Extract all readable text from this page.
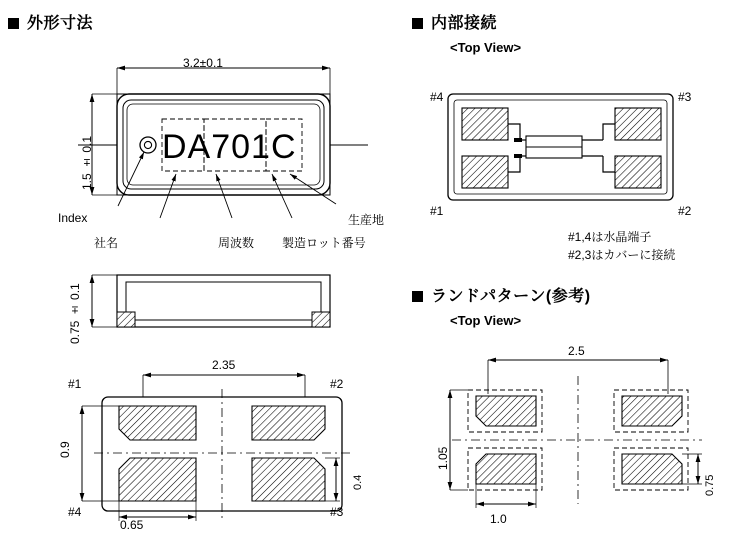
外形寸法	内部接続
<Top View>
ランドパターン(参考)
<Top View>
3.2±0.1
1.5 ± 0.1 DA701C
Index
社名	周波数 製造ロット番号
生産地
0.75 ± 0.1
2.35
0.9
0.65
0.4
#1	#2
#4	#3
#4	#3
#1	#2
#1,4は水晶端子
#2,3はカバーに接続
2.5
1.05
0.75
1.0
